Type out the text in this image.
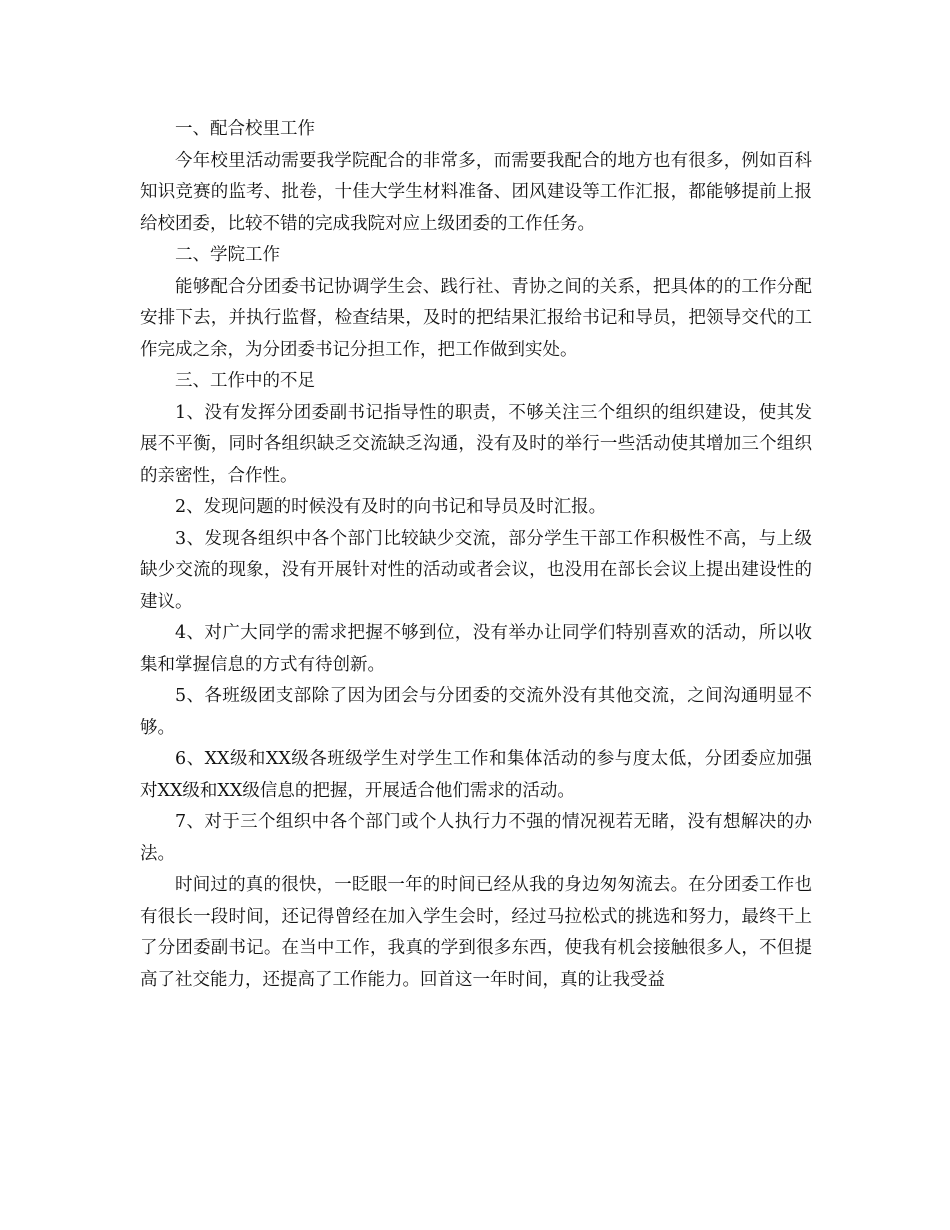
一、配合校里工作

今年校里活动需要我学院配合的非常多，而需要我配合的地方也有很多，例如百科知识竞赛的监考、批卷，十佳大学生材料准备、团风建设等工作汇报，都能够提前上报给校团委，比较不错的完成我院对应上级团委的工作任务。

二、学院工作

能够配合分团委书记协调学生会、践行社、青协之间的关系，把具体的的工作分配安排下去，并执行监督，检查结果，及时的把结果汇报给书记和导员，把领导交代的工作完成之余，为分团委书记分担工作，把工作做到实处。

三、工作中的不足

1、没有发挥分团委副书记指导性的职责，不够关注三个组织的组织建设，使其发展不平衡，同时各组织缺乏交流缺乏沟通，没有及时的举行一些活动使其增加三个组织的亲密性，合作性。

2、发现问题的时候没有及时的向书记和导员及时汇报。

3、发现各组织中各个部门比较缺少交流，部分学生干部工作积极性不高，与上级缺少交流的现象，没有开展针对性的活动或者会议，也没用在部长会议上提出建设性的建议。

4、对广大同学的需求把握不够到位，没有举办让同学们特别喜欢的活动，所以收集和掌握信息的方式有待创新。

5、各班级团支部除了因为团会与分团委的交流外没有其他交流，之间沟通明显不够。

6、XX级和XX级各班级学生对学生工作和集体活动的参与度太低，分团委应加强对XX级和XX级信息的把握，开展适合他们需求的活动。

7、对于三个组织中各个部门或个人执行力不强的情况视若无睹，没有想解决的办法。

时间过的真的很快，一眨眼一年的时间已经从我的身边匆匆流去。在分团委工作也有很长一段时间，还记得曾经在加入学生会时，经过马拉松式的挑选和努力，最终干上了分团委副书记。在当中工作，我真的学到很多东西，使我有机会接触很多人，不但提高了社交能力，还提高了工作能力。回首这一年时间，真的让我受益
